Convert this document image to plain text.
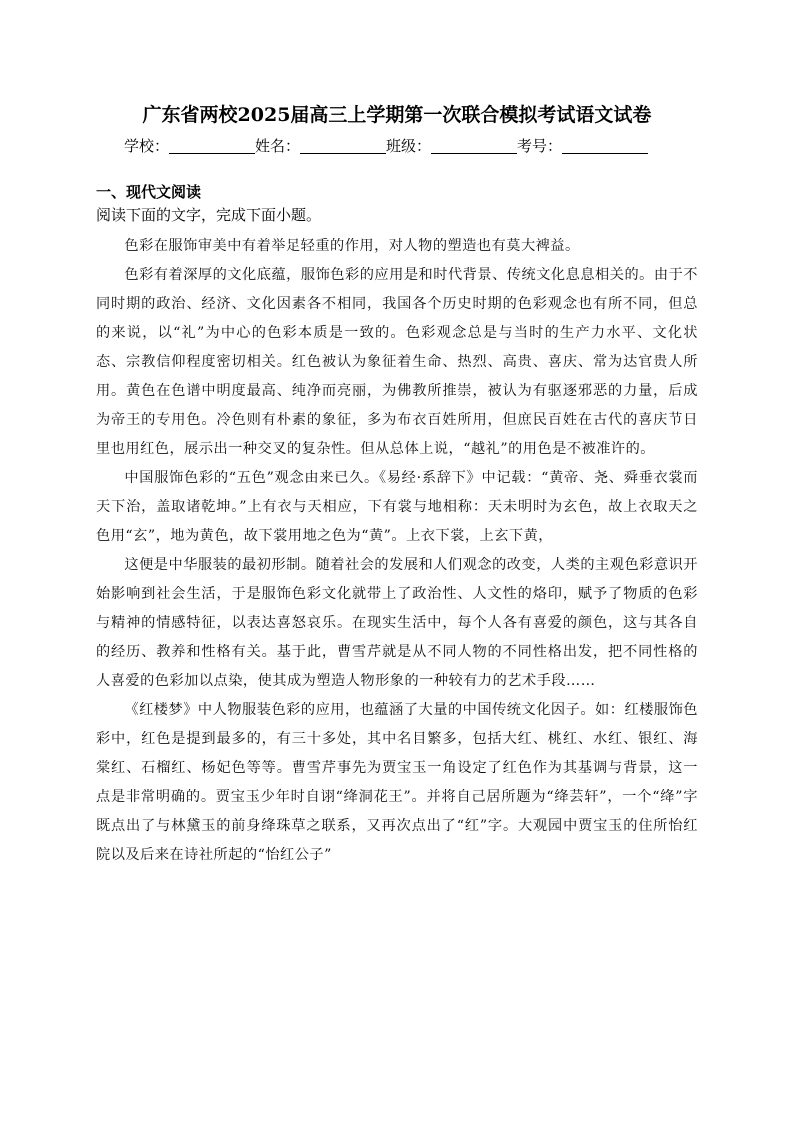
广东省两校2025届高三上学期第一次联合模拟考试语文试卷
学校：	姓名：	班级：	考号：
一、现代文阅读
阅读下面的文字，完成下面小题。

色彩在服饰审美中有着举足轻重的作用，对人物的塑造也有莫大裨益。

色彩有着深厚的文化底蕴，服饰色彩的应用是和时代背景、传统文化息息相关的。由于不同时期的政治、经济、文化因素各不相同，我国各个历史时期的色彩观念也有所不同，但总的来说，以“礼”为中心的色彩本质是一致的。色彩观念总是与当时的生产力水平、文化状态、宗教信仰程度密切相关。红色被认为象征着生命、热烈、高贵、喜庆、常为达官贵人所用。黄色在色谱中明度最高、纯净而亮丽，为佛教所推崇，被认为有驱逐邪恶的力量，后成为帝王的专用色。冷色则有朴素的象征，多为布衣百姓所用，但庶民百姓在古代的喜庆节日里也用红色，展示出一种交叉的复杂性。但从总体上说，“越礼”的用色是不被准许的。

中国服饰色彩的“五色”观念由来已久。《易经·系辞下》中记载：“黄帝、尧、舜垂衣裳而天下治，盖取诸乾坤。”上有衣与天相应，下有裳与地相称：天未明时为玄色，故上衣取天之色用“玄”，地为黄色，故下裳用地之色为“黄”。上衣下裳，上玄下黄，

这便是中华服装的最初形制。随着社会的发展和人们观念的改变，人类的主观色彩意识开始影响到社会生活，于是服饰色彩文化就带上了政治性、人文性的烙印，赋予了物质的色彩与精神的情感特征，以表达喜怒哀乐。在现实生活中，每个人各有喜爱的颜色，这与其各自的经历、教养和性格有关。基于此，曹雪芹就是从不同人物的不同性格出发，把不同性格的人喜爱的色彩加以点染，使其成为塑造人物形象的一种较有力的艺术手段……

《红楼梦》中人物服装色彩的应用，也蕴涵了大量的中国传统文化因子。如：红楼服饰色彩中，红色是提到最多的，有三十多处，其中名目繁多，包括大红、桃红、水红、银红、海棠红、石榴红、杨妃色等等。曹雪芹事先为贾宝玉一角设定了红色作为其基调与背景，这一点是非常明确的。贾宝玉少年时自诩“绛洞花王”。并将自己居所题为“绛芸轩”，一个“绛”字既点出了与林黛玉的前身绛珠草之联系，又再次点出了“红”字。大观园中贾宝玉的住所怡红院以及后来在诗社所起的“怡红公子”
